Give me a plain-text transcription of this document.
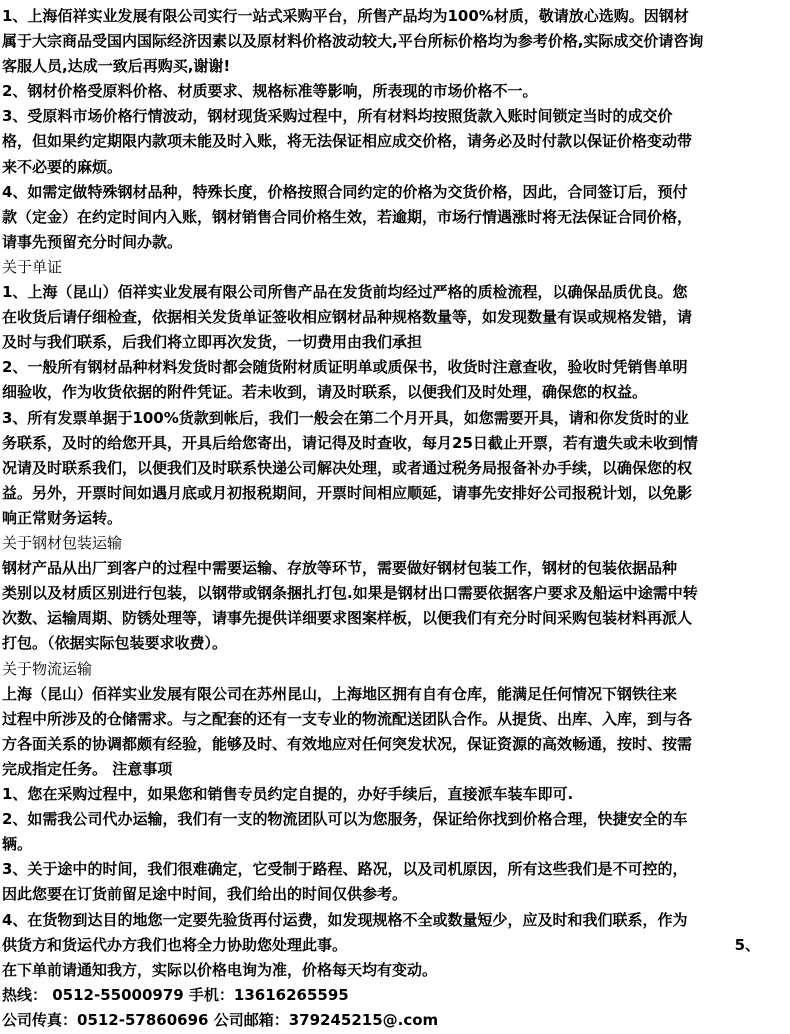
1、上海佰祥实业发展有限公司实行一站式采购平台，所售产品均为100%材质，敬请放心选购。因钢材
属于大宗商品受国内国际经济因素以及原材料价格波动较大,平台所标价格均为参考价格,实际成交价请咨询
客服人员,达成一致后再购买,谢谢!
2、钢材价格受原料价格、材质要求、规格标准等影响，所表现的市场价格不一。
3、受原料市场价格行情波动，钢材现货采购过程中，所有材料均按照货款入账时间锁定当时的成交价
格，但如果约定期限内款项未能及时入账，将无法保证相应成交价格，请务必及时付款以保证价格变动带
来不必要的麻烦。
4、如需定做特殊钢材品种，特殊长度，价格按照合同约定的价格为交货价格，因此，合同签订后，预付
款（定金）在约定时间内入账，钢材销售合同价格生效，若逾期，市场行情遇涨时将无法保证合同价格，
请事先预留充分时间办款。
关于单证
1、上海（昆山）佰祥实业发展有限公司所售产品在发货前均经过严格的质检流程，以确保品质优良。您
在收货后请仔细检查，依据相关发货单证签收相应钢材品种规格数量等，如发现数量有误或规格发错，请
及时与我们联系，后我们将立即再次发货，一切费用由我们承担
2、一般所有钢材品种材料发货时都会随货附材质证明单或质保书，收货时注意查收，验收时凭销售单明
细验收，作为收货依据的附件凭证。若未收到，请及时联系，以便我们及时处理，确保您的权益。
3、所有发票单据于100%货款到帐后，我们一般会在第二个月开具，如您需要开具，请和你发货时的业
务联系，及时的给您开具，开具后给您寄出，请记得及时查收，每月25日截止开票，若有遗失或未收到情
况请及时联系我们，以便我们及时联系快递公司解决处理，或者通过税务局报备补办手续，以确保您的权
益。另外，开票时间如遇月底或月初报税期间，开票时间相应顺延，请事先安排好公司报税计划，以免影
响正常财务运转。
关于钢材包装运输
钢材产品从出厂到客户的过程中需要运输、存放等环节，需要做好钢材包装工作，钢材的包装依据品种
类别以及材质区别进行包装，以钢带或钢条捆扎打包.如果是钢材出口需要依据客户要求及船运中途需中转
次数、运输周期、防锈处理等，请事先提供详细要求图案样板，以便我们有充分时间采购包装材料再派人
打包。（依据实际包装要求收费）。
关于物流运输
上海（昆山）佰祥实业发展有限公司在苏州昆山，上海地区拥有自有仓库，能满足任何情况下钢铁往来
过程中所涉及的仓储需求。与之配套的还有一支专业的物流配送团队合作。从提货、出库、入库，到与各
方各面关系的协调都颇有经验，能够及时、有效地应对任何突发状况，保证资源的高效畅通，按时、按需
完成指定任务。 注意事项
1、您在采购过程中，如果您和销售专员约定自提的，办好手续后，直接派车装车即可.
2、如需我公司代办运输，我们有一支的物流团队可以为您服务，保证给你找到价格合理，快捷安全的车
辆。
3、关于途中的时间，我们很难确定，它受制于路程、路况，以及司机原因，所有这些我们是不可控的，
因此您要在订货前留足途中时间，我们给出的时间仅供参考。
4、在货物到达目的地您一定要先验货再付运费，如发现规格不全或数量短少，应及时和我们联系，作为
供货方和货运代办方我们也将全力协助您处理此事。	5、
在下单前请通知我方，实际以价格电询为准，价格每天均有变动。
热线： 0512-55000979 手机：13616265595
公司传真：0512-57860696 公司邮箱：379245215@.com
